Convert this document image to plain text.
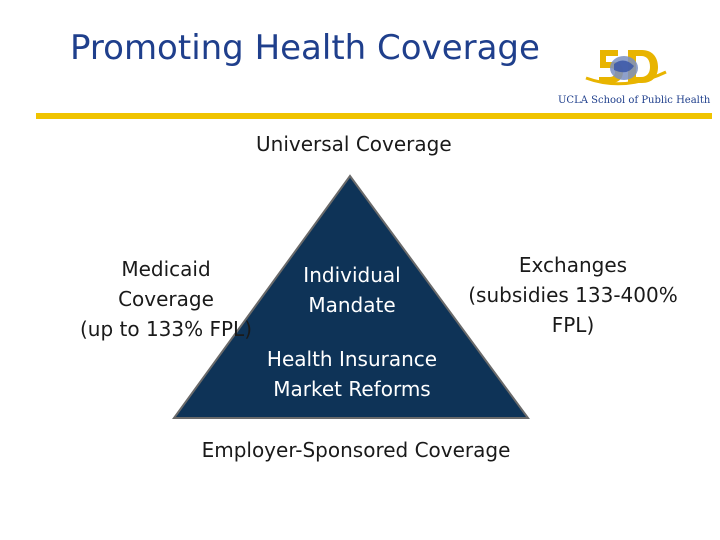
Promoting Health Coverage
UCLA School of Public Health
Universal Coverage
Medicaid
Coverage
(up to 133% FPL)
Individual
Mandate
Exchanges
(subsidies 133-400%
FPL)
Health Insurance
Market Reforms
Employer-Sponsored Coverage
